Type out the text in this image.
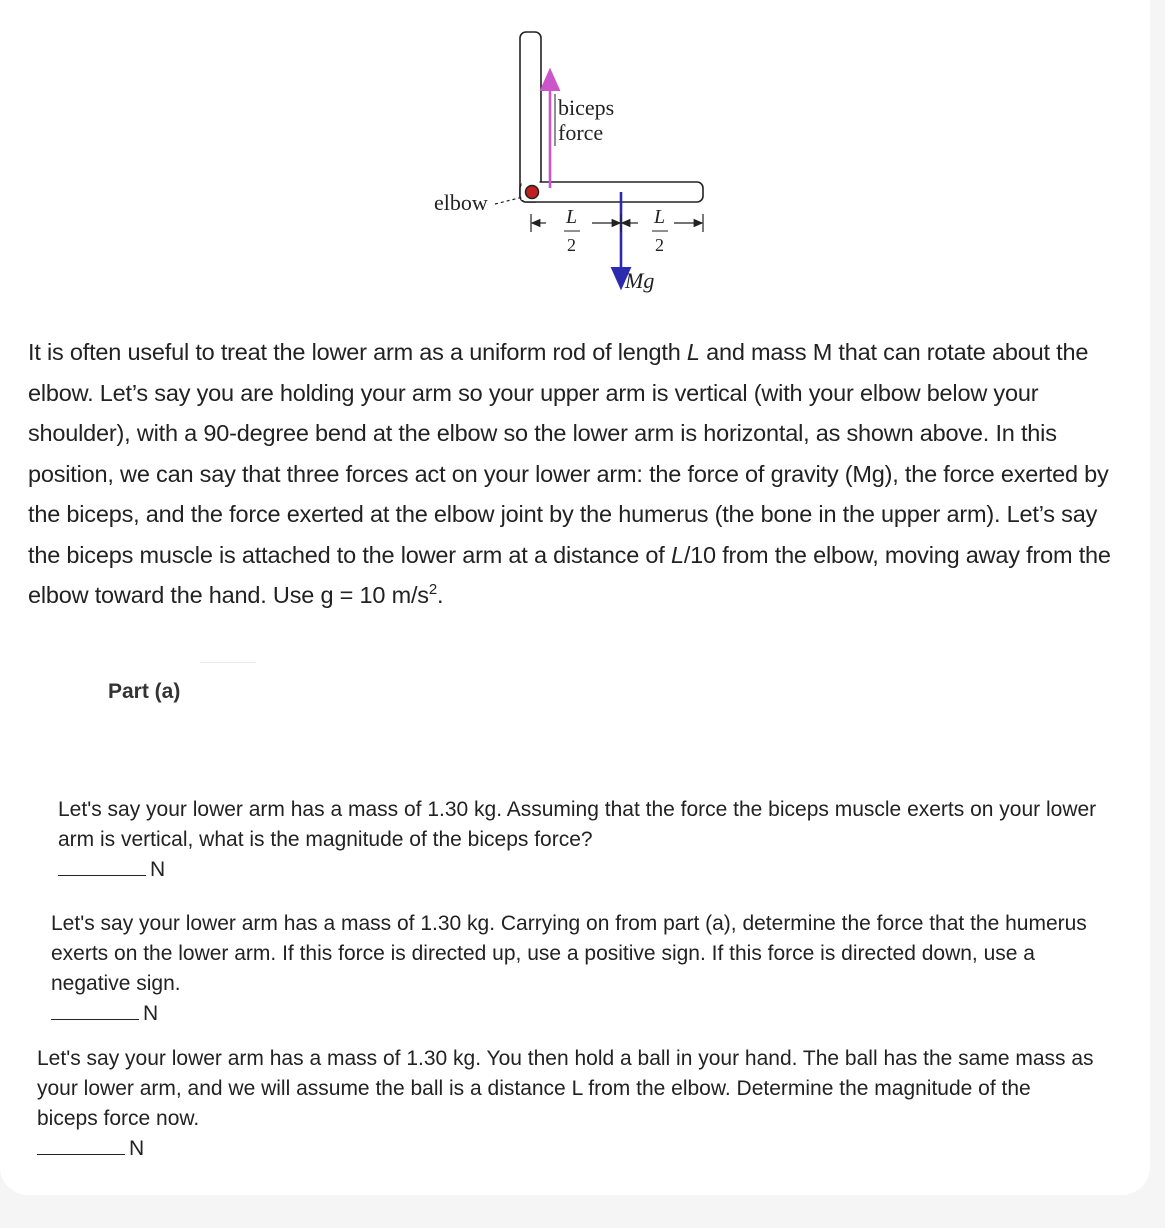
biceps
force
elbow
Mg
L
2
L
2

It is often useful to treat the lower arm as a uniform rod of length L and mass M that can rotate about the elbow. Let’s say you are holding your arm so your upper arm is vertical (with your elbow below your shoulder), with a 90-degree bend at the elbow so the lower arm is horizontal, as shown above. In this position, we can say that three forces act on your lower arm: the force of gravity (Mg), the force exerted by the biceps, and the force exerted at the elbow joint by the humerus (the bone in the upper arm). Let’s say the biceps muscle is attached to the lower arm at a distance of L/10 from the elbow, moving away from the elbow toward the hand. Use g = 10 $m/s^2$.

Part (a)
Let's say your lower arm has a mass of 1.30 kg. Assuming that the force the biceps muscle exerts on your lower arm is vertical, what is the magnitude of the biceps force?
N
Let's say your lower arm has a mass of 1.30 kg. Carrying on from part (a), determine the force that the humerus exerts on the lower arm. If this force is directed up, use a positive sign. If this force is directed down, use a negative sign.
N
Let's say your lower arm has a mass of 1.30 kg. You then hold a ball in your hand. The ball has the same mass as your lower arm, and we will assume the ball is a distance L from the elbow. Determine the magnitude of the biceps force now.
N
